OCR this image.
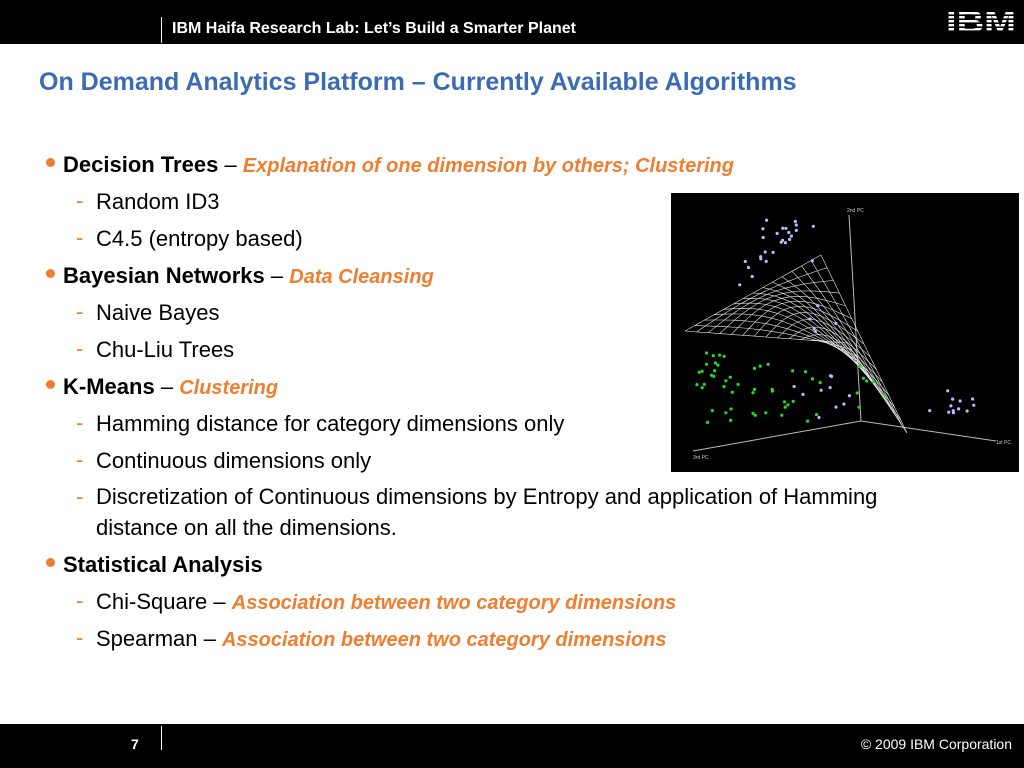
IBM Haifa Research Lab: Let’s Build a Smarter Planet	IBM
On Demand Analytics Platform – Currently Available Algorithms
Decision Trees – Explanation of one dimension by others; Clustering
- Random ID3
- C4.5 (entropy based)
Bayesian Networks – Data Cleansing
- Naive Bayes
- Chu-Liu Trees
K-Means – Clustering
- Hamming distance for category dimensions only
- Continuous dimensions only
- Discretization of Continuous dimensions by Entropy and application of Hamming distance on all the dimensions.
Statistical Analysis
- Chi-Square – Association between two category dimensions
- Spearman – Association between two category dimensions
2nd PC
1st PC
3rd PC
7	© 2009 IBM Corporation
